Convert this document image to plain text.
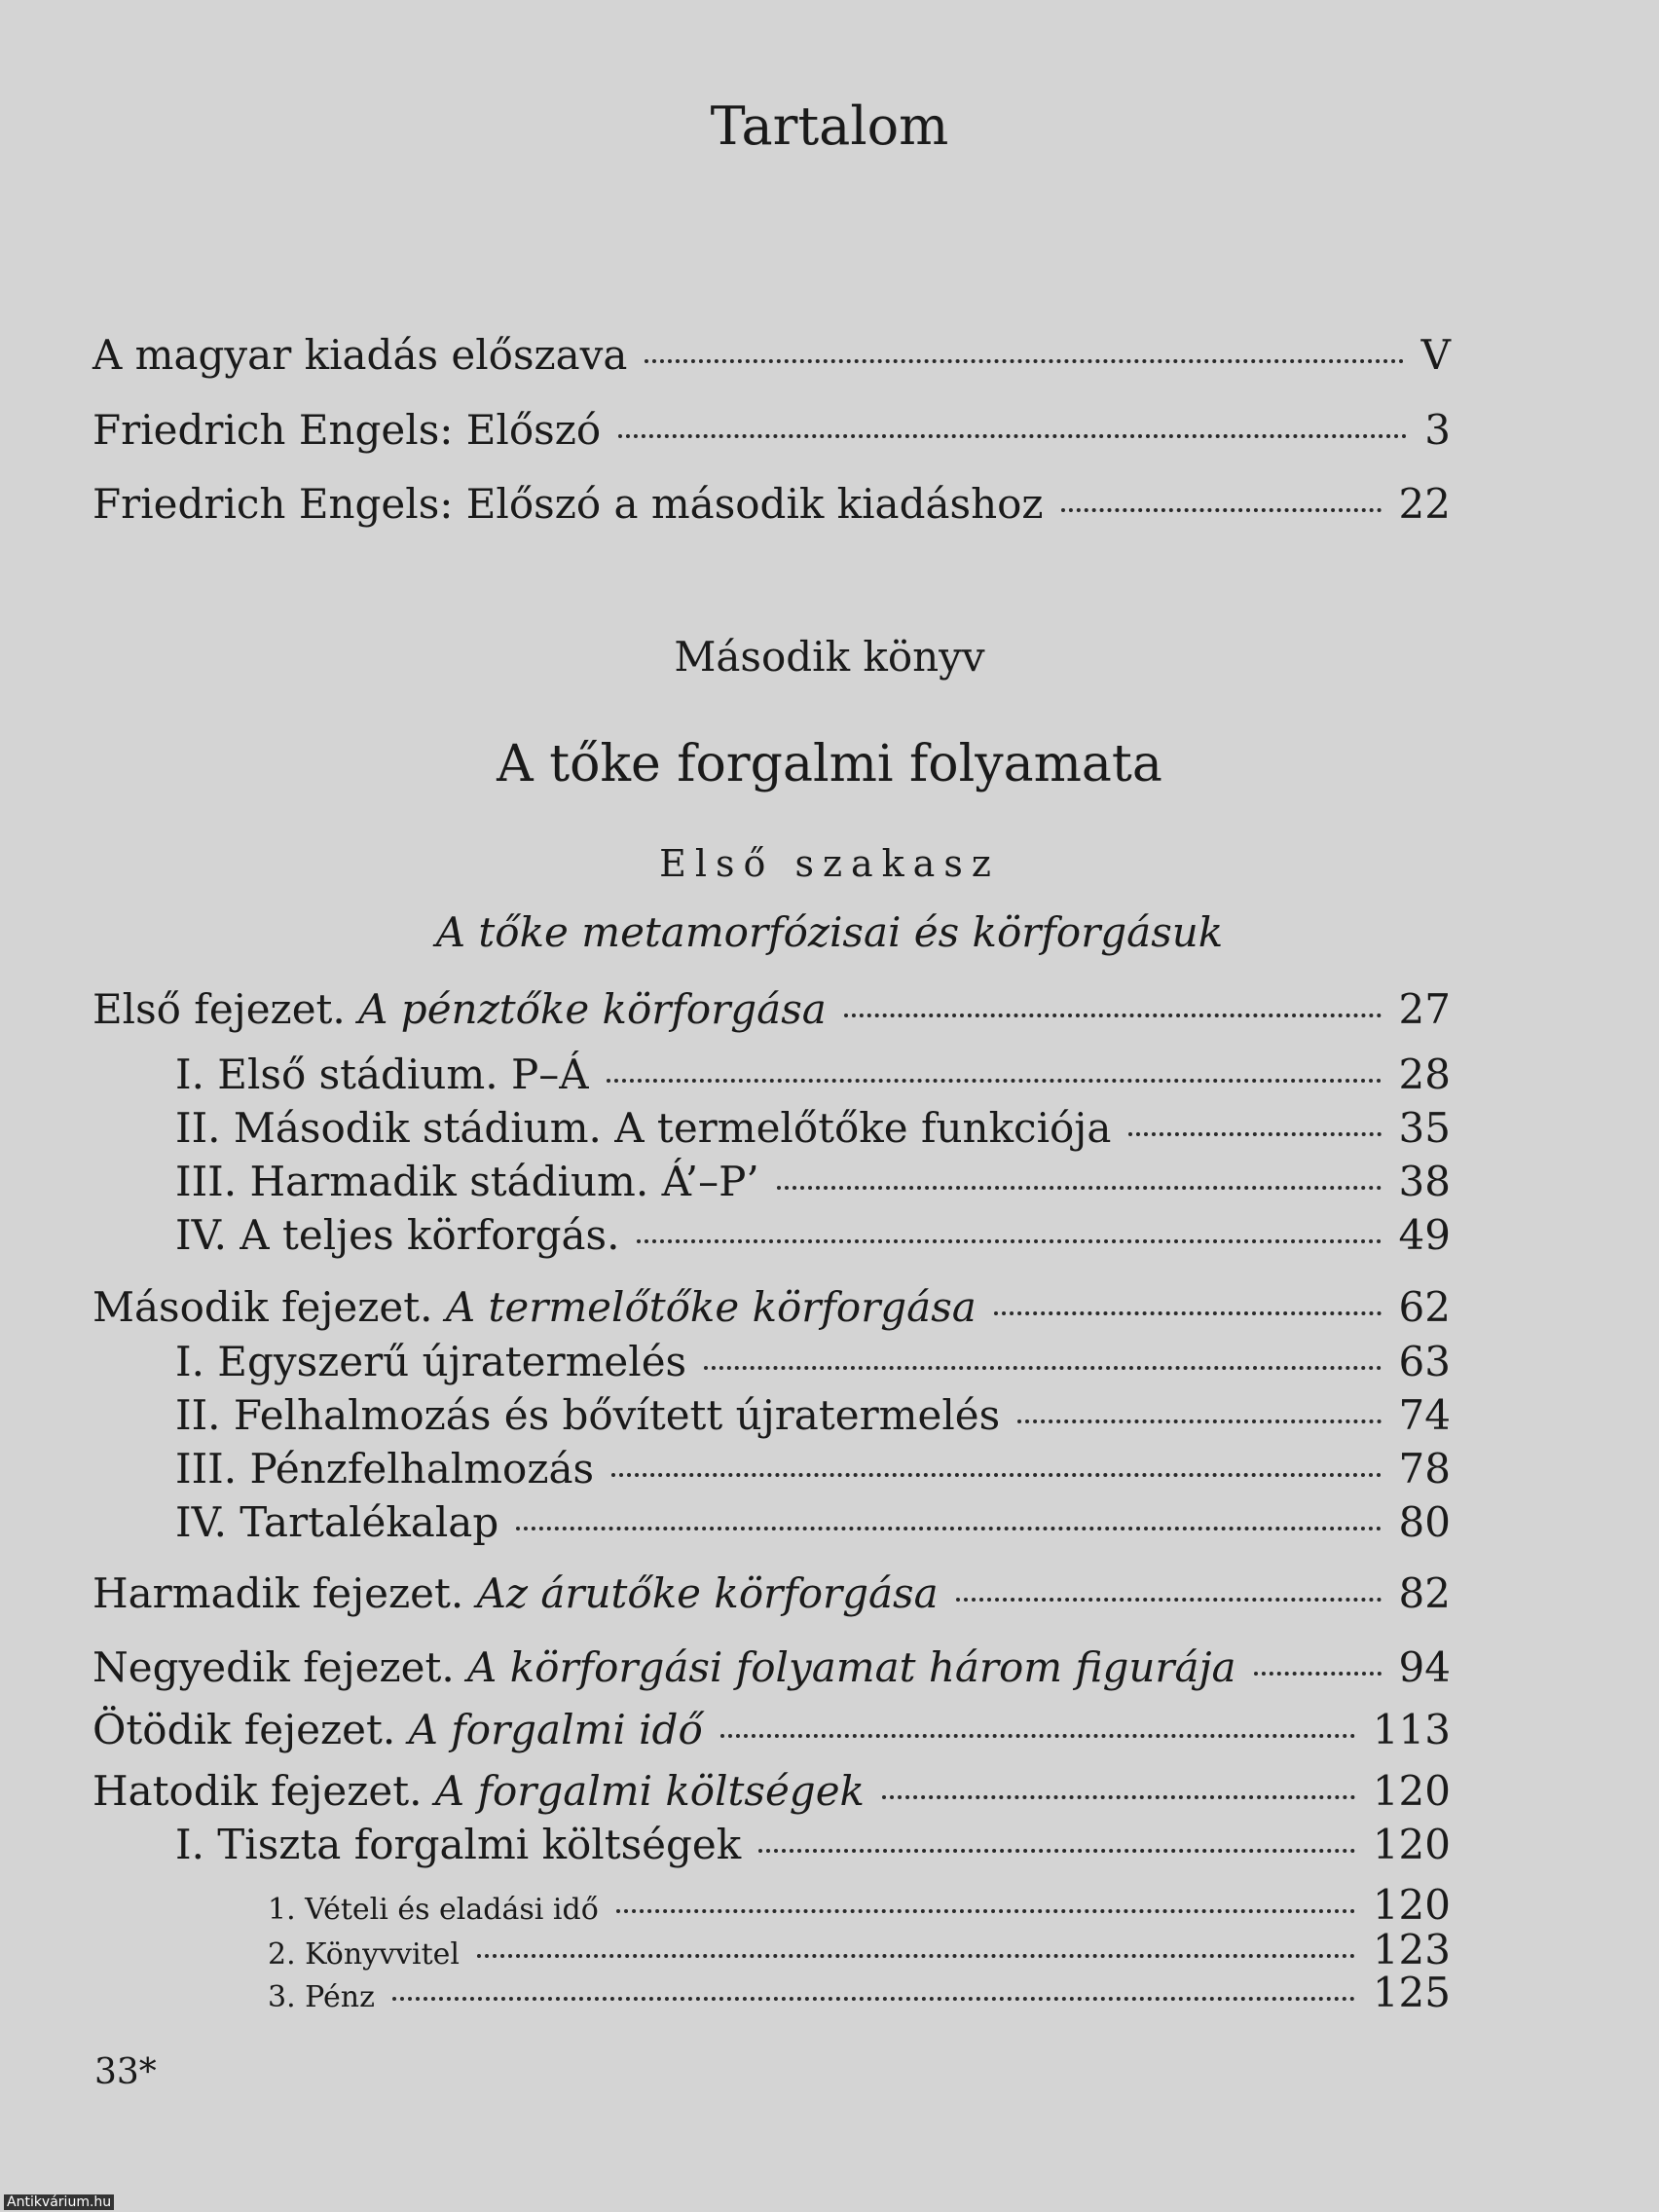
Tartalom
A magyar kiadás előszava	V
Friedrich Engels: Előszó	3
Friedrich Engels: Előszó a második kiadáshoz	22
Második könyv
A tőke forgalmi folyamata
Első szakasz
A tőke metamorfózisai és körforgásuk
Első fejezet. A pénztőke körforgása	27
I. Első stádium. P–Á	28
II. Második stádium. A termelőtőke funkciója	35
III. Harmadik stádium. Á’–P’	38
IV. A teljes körforgás.	49
Második fejezet. A termelőtőke körforgása	62
I. Egyszerű újratermelés	63
II. Felhalmozás és bővített újratermelés	74
III. Pénzfelhalmozás	78
IV. Tartalékalap	80
Harmadik fejezet. Az árutőke körforgása	82
Negyedik fejezet. A körforgási folyamat három figurája	94
Ötödik fejezet. A forgalmi idő	113
Hatodik fejezet. A forgalmi költségek	120
I. Tiszta forgalmi költségek	120
1. Vételi és eladási idő	120
2. Könyvvitel	123
3. Pénz	125
33*
Antikvárium.hu
